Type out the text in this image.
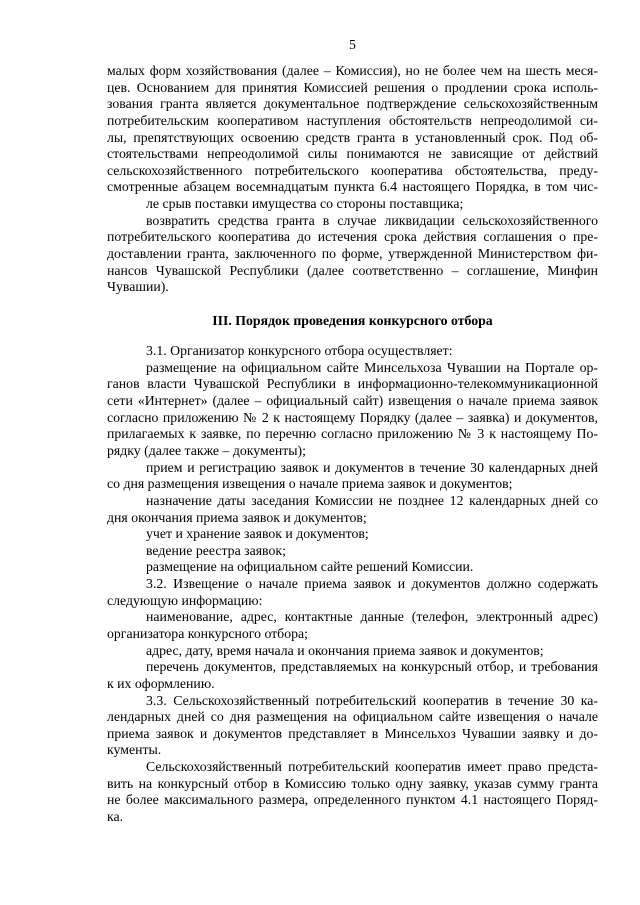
5
малых форм хозяйствования (далее – Комиссия), но не более чем на шесть меся-
цев. Основанием для принятия Комиссией решения о продлении срока исполь-
зования гранта является документальное подтверждение сельскохозяйственным
потребительским кооперативом наступления обстоятельств непреодолимой си-
лы, препятствующих освоению средств гранта в установленный срок. Под об-
стоятельствами непреодолимой силы понимаются не зависящие от действий
сельскохозяйственного потребительского кооператива обстоятельства, преду-
смотренные абзацем восемнадцатым пункта 6.4 настоящего Порядка, в том чис-
ле срыв поставки имущества со стороны поставщика;
возвратить средства гранта в случае ликвидации сельскохозяйственного
потребительского кооператива до истечения срока действия соглашения о пре-
доставлении гранта, заключенного по форме, утвержденной Министерством фи-
нансов Чувашской Республики (далее соответственно – соглашение, Минфин
Чувашии).
III. Порядок проведения конкурсного отбора
3.1. Организатор конкурсного отбора осуществляет:
размещение на официальном сайте Минсельхоза Чувашии на Портале ор-
ганов власти Чувашской Республики в информационно-телекоммуникационной
сети «Интернет» (далее – официальный сайт) извещения о начале приема заявок
согласно приложению № 2 к настоящему Порядку (далее – заявка) и документов,
прилагаемых к заявке, по перечню согласно приложению № 3 к настоящему По-
рядку (далее также – документы);
прием и регистрацию заявок и документов в течение 30 календарных дней
со дня размещения извещения о начале приема заявок и документов;
назначение даты заседания Комиссии не позднее 12 календарных дней со
дня окончания приема заявок и документов;
учет и хранение заявок и документов;
ведение реестра заявок;
размещение на официальном сайте решений Комиссии.
3.2. Извещение о начале приема заявок и документов должно содержать
следующую информацию:
наименование, адрес, контактные данные (телефон, электронный адрес)
организатора конкурсного отбора;
адрес, дату, время начала и окончания приема заявок и документов;
перечень документов, представляемых на конкурсный отбор, и требования
к их оформлению.
3.3. Сельскохозяйственный потребительский кооператив в течение 30 ка-
лендарных дней со дня размещения на официальном сайте извещения о начале
приема заявок и документов представляет в Минсельхоз Чувашии заявку и до-
кументы.
Сельскохозяйственный потребительский кооператив имеет право предста-
вить на конкурсный отбор в Комиссию только одну заявку, указав сумму гранта
не более максимального размера, определенного пунктом 4.1 настоящего Поряд-
ка.
